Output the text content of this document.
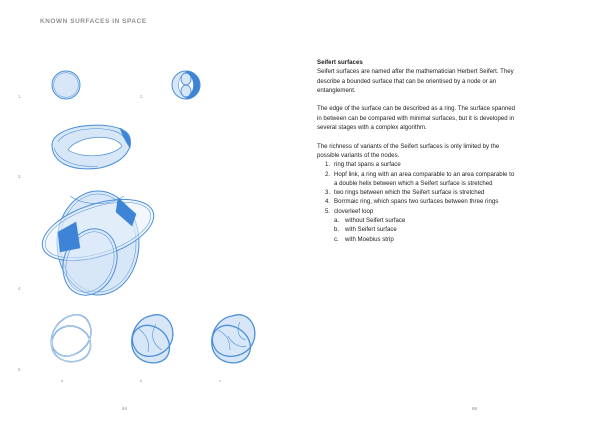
KNOWN SURFACES IN SPACE
1.	2.
3.
4.
5.
a	b	c
Seifert surfaces

Seifert surfaces are named after the mathematician Herbert Seifert. They describe a bounded surface that can be orientised by a node or an entanglement.

The edge of the surface can be described as a ring. The surface spanned in between can be compared with minimal surfaces, but it is developed in several stages with a complex algorithm.

The richness of variants of the Seifert surfaces is only limited by the possible variants of the nodes.

1. ring that spans a surface
2. Hopf link, a ring with an area comparable to an area comparable to a double helix between which a Seifert surface is stretched
3. two rings between which the Seifert surface is stretched
4. Borrmaic ring, which spans two surfaces between three rings
5. cloverleef loop
a. without Seifert surface
b. with Seifert surface
c. with Moebius strip
64	65
